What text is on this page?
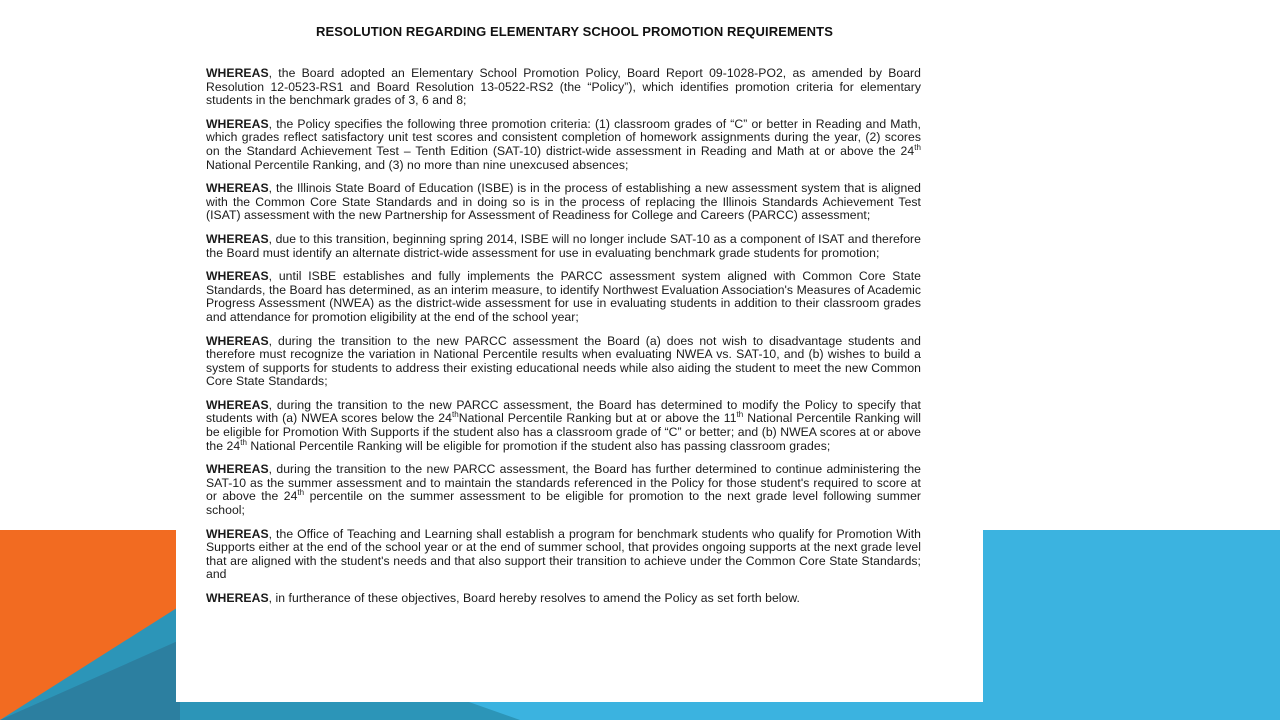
RESOLUTION REGARDING ELEMENTARY SCHOOL PROMOTION REQUIREMENTS

WHEREAS, the Board adopted an Elementary School Promotion Policy, Board Report 09-1028-PO2, as amended by Board Resolution 12-0523-RS1 and Board Resolution 13-0522-RS2 (the “Policy”), which identifies promotion criteria for elementary students in the benchmark grades of 3, 6 and 8;

WHEREAS, the Policy specifies the following three promotion criteria: (1) classroom grades of “C” or better in Reading and Math, which grades reflect satisfactory unit test scores and consistent completion of homework assignments during the year, (2) scores on the Standard Achievement Test – Tenth Edition (SAT-10) district-wide assessment in Reading and Math at or above the 24th National Percentile Ranking, and (3) no more than nine unexcused absences;

WHEREAS, the Illinois State Board of Education (ISBE) is in the process of establishing a new assessment system that is aligned with the Common Core State Standards and in doing so is in the process of replacing the Illinois Standards Achievement Test (ISAT) assessment with the new Partnership for Assessment of Readiness for College and Careers (PARCC) assessment;

WHEREAS, due to this transition, beginning spring 2014, ISBE will no longer include SAT-10 as a component of ISAT and therefore the Board must identify an alternate district-wide assessment for use in evaluating benchmark grade students for promotion;

WHEREAS, until ISBE establishes and fully implements the PARCC assessment system aligned with Common Core State Standards, the Board has determined, as an interim measure, to identify Northwest Evaluation Association's Measures of Academic Progress Assessment (NWEA) as the district-wide assessment for use in evaluating students in addition to their classroom grades and attendance for promotion eligibility at the end of the school year;

WHEREAS, during the transition to the new PARCC assessment the Board (a) does not wish to disadvantage students and therefore must recognize the variation in National Percentile results when evaluating NWEA vs. SAT-10, and (b) wishes to build a system of supports for students to address their existing educational needs while also aiding the student to meet the new Common Core State Standards;

WHEREAS, during the transition to the new PARCC assessment, the Board has determined to modify the Policy to specify that students with (a) NWEA scores below the 24thNational Percentile Ranking but at or above the 11th National Percentile Ranking will be eligible for Promotion With Supports if the student also has a classroom grade of “C” or better; and (b) NWEA scores at or above the 24th National Percentile Ranking will be eligible for promotion if the student also has passing classroom grades;

WHEREAS, during the transition to the new PARCC assessment, the Board has further determined to continue administering the SAT-10 as the summer assessment and to maintain the standards referenced in the Policy for those student's required to score at or above the 24th percentile on the summer assessment to be eligible for promotion to the next grade level following summer school;

WHEREAS, the Office of Teaching and Learning shall establish a program for benchmark students who qualify for Promotion With Supports either at the end of the school year or at the end of summer school, that provides ongoing supports at the next grade level that are aligned with the student's needs and that also support their transition to achieve under the Common Core State Standards; and

WHEREAS, in furtherance of these objectives, Board hereby resolves to amend the Policy as set forth below.
